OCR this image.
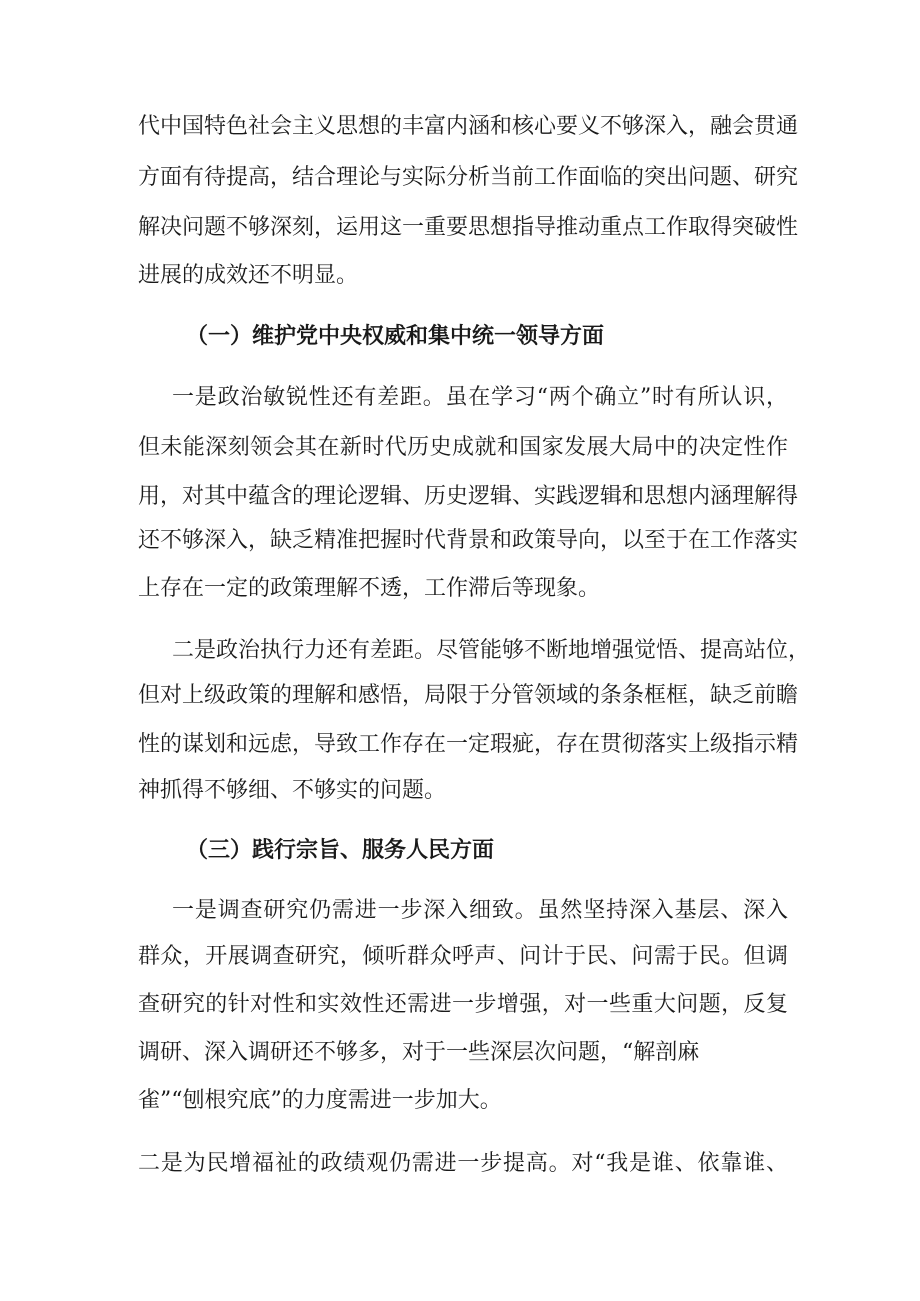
代中国特色社会主义思想的丰富内涵和核心要义不够深入，融会贯通
方面有待提高，结合理论与实际分析当前工作面临的突出问题、研究
解决问题不够深刻，运用这一重要思想指导推动重点工作取得突破性
进展的成效还不明显。
（一）维护党中央权威和集中统一领导方面
一是政治敏锐性还有差距。虽在学习“两个确立”时有所认识，
但未能深刻领会其在新时代历史成就和国家发展大局中的决定性作
用，对其中蕴含的理论逻辑、历史逻辑、实践逻辑和思想内涵理解得
还不够深入，缺乏精准把握时代背景和政策导向，以至于在工作落实
上存在一定的政策理解不透，工作滞后等现象。
二是政治执行力还有差距。尽管能够不断地增强觉悟、提高站位，
但对上级政策的理解和感悟，局限于分管领域的条条框框，缺乏前瞻
性的谋划和远虑，导致工作存在一定瑕疵，存在贯彻落实上级指示精
神抓得不够细、不够实的问题。
（三）践行宗旨、服务人民方面
一是调查研究仍需进一步深入细致。虽然坚持深入基层、深入
群众，开展调查研究，倾听群众呼声、问计于民、问需于民。但调
查研究的针对性和实效性还需进一步增强，对一些重大问题，反复
调研、深入调研还不够多，对于一些深层次问题，“解剖麻
雀”“刨根究底”的力度需进一步加大。
二是为民增福祉的政绩观仍需进一步提高。对“我是谁、依靠谁、
